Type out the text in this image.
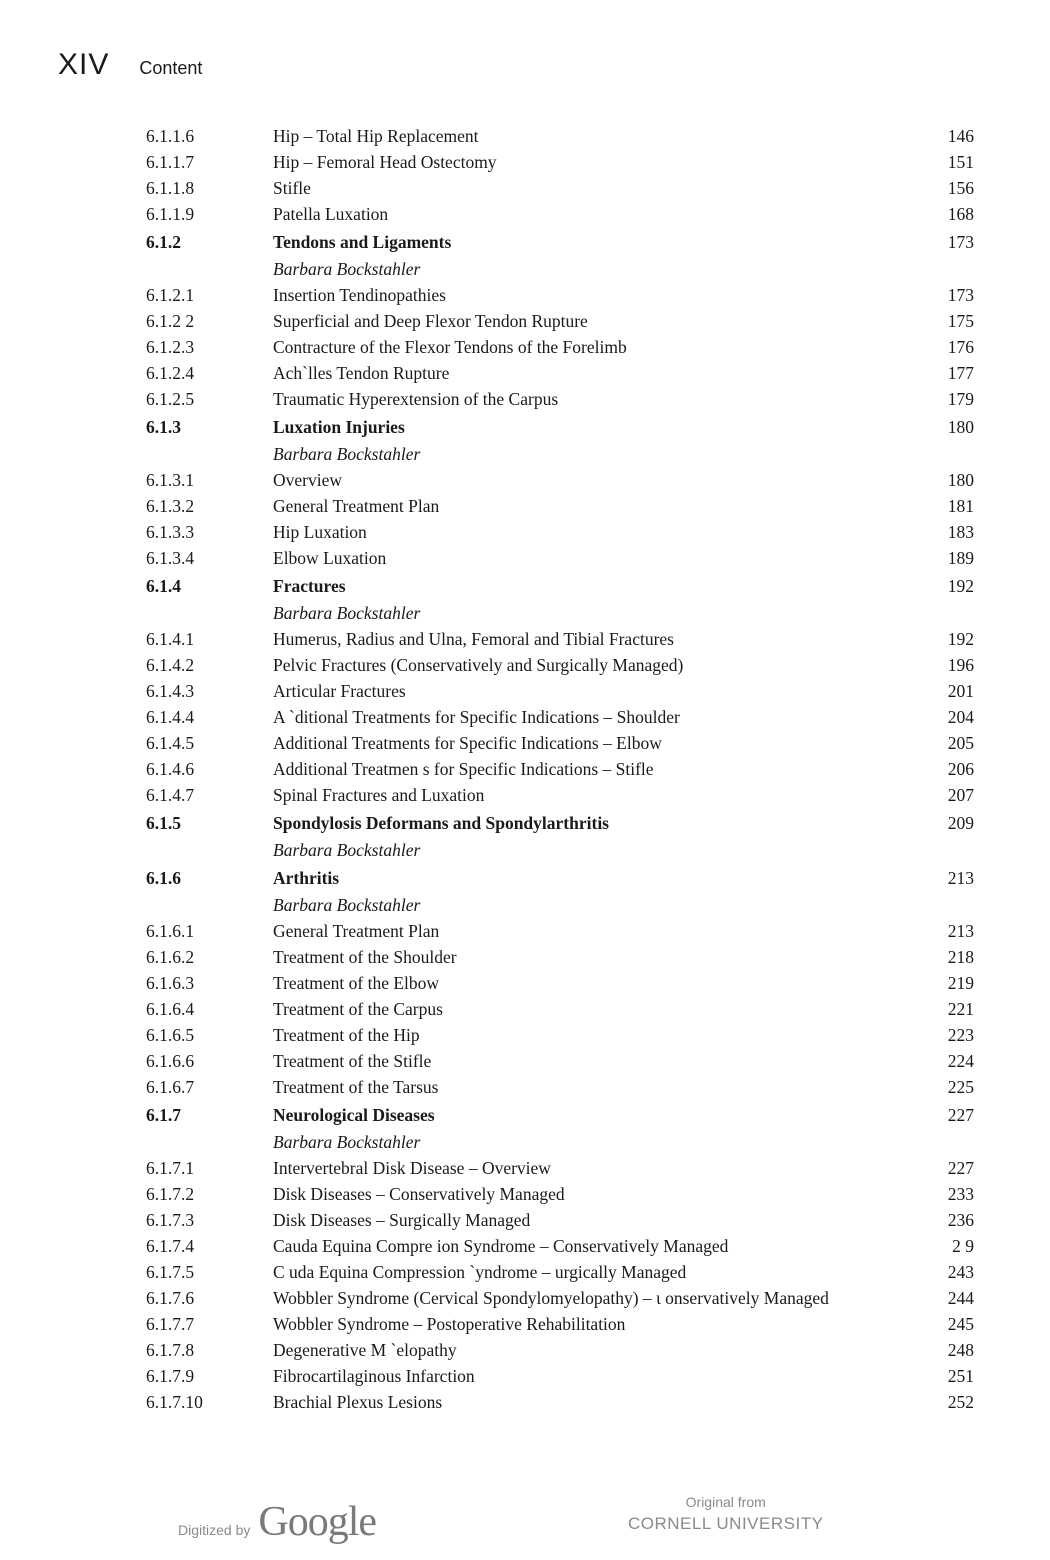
XIV Content
6.1.1.6	Hip – Total Hip Replacement	146
6.1.1.7	Hip – Femoral Head Ostectomy	151
6.1.1.8	Stifle	156
6.1.1.9	Patella Luxation	168
6.1.2	Tendons and Ligaments	173
Barbara Bockstahler
6.1.2.1	Insertion Tendinopathies	173
6.1.2 2	Superficial and Deep Flexor Tendon Rupture	175
6.1.2.3	Contracture of the Flexor Tendons of the Forelimb	176
6.1.2.4	Ach`lles Tendon Rupture	177
6.1.2.5	Traumatic Hyperextension of the Carpus	179
6.1.3	Luxation Injuries	180
Barbara Bockstahler
6.1.3.1	Overview	180
6.1.3.2	General Treatment Plan	181
6.1.3.3	Hip Luxation	183
6.1.3.4	Elbow Luxation	189
6.1.4	Fractures	192
Barbara Bockstahler
6.1.4.1	Humerus, Radius and Ulna, Femoral and Tibial Fractures	192
6.1.4.2	Pelvic Fractures (Conservatively and Surgically Managed)	196
6.1.4.3	Articular Fractures	201
6.1.4.4	A `ditional Treatments for Specific Indications – Shoulder	204
6.1.4.5	Additional Treatments for Specific Indications – Elbow	205
6.1.4.6	Additional Treatmen s for Specific Indications – Stifle	206
6.1.4.7	Spinal Fractures and Luxation	207
6.1.5	Spondylosis Deformans and Spondylarthritis	209
Barbara Bockstahler
6.1.6	Arthritis	213
Barbara Bockstahler
6.1.6.1	General Treatment Plan	213
6.1.6.2	Treatment of the Shoulder	218
6.1.6.3	Treatment of the Elbow	219
6.1.6.4	Treatment of the Carpus	221
6.1.6.5	Treatment of the Hip	223
6.1.6.6	Treatment of the Stifle	224
6.1.6.7	Treatment of the Tarsus	225
6.1.7	Neurological Diseases	227
Barbara Bockstahler
6.1.7.1	Intervertebral Disk Disease – Overview	227
6.1.7.2	Disk Diseases – Conservatively Managed	233
6.1.7.3	Disk Diseases – Surgically Managed	236
6.1.7.4	Cauda Equina Compre ion Syndrome – Conservatively Managed	2 9
6.1.7.5	C uda Equina Compression `yndrome – urgically Managed	243
6.1.7.6	Wobbler Syndrome (Cervical Spondylomyelopathy) – ι onservatively Managed	244
6.1.7.7	Wobbler Syndrome – Postoperative Rehabilitation	245
6.1.7.8	Degenerative M `elopathy	248
6.1.7.9	Fibrocartilaginous Infarction	251
6.1.7.10	Brachial Plexus Lesions	252
Digitized by Google	Original from
CORNELL UNIVERSITY
